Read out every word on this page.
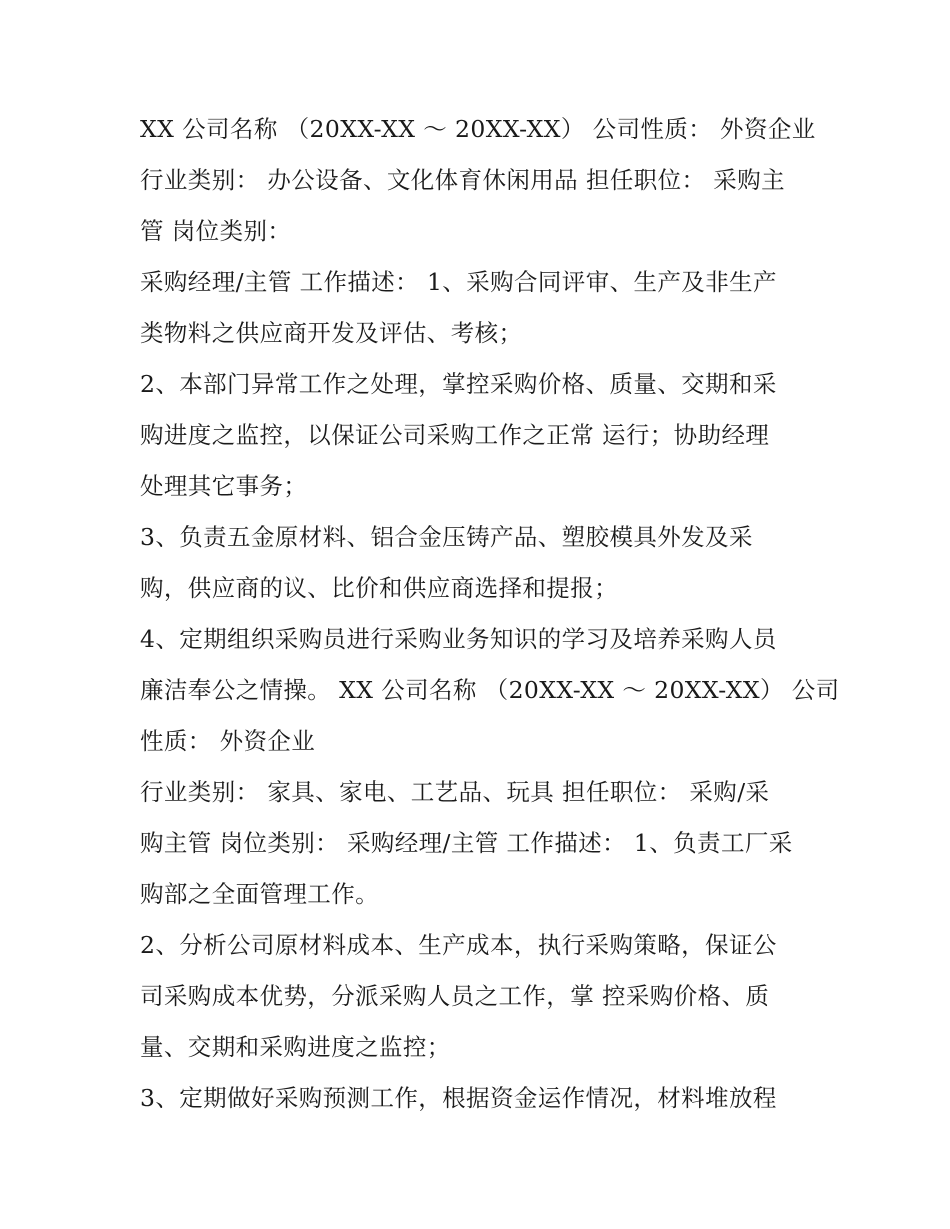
XX 公司名称 （20XX-XX ～ 20XX-XX） 公司性质： 外资企业
行业类别： 办公设备、文化体育休闲用品 担任职位： 采购主
管 岗位类别：
采购经理/主管 工作描述： 1、采购合同评审、生产及非生产
类物料之供应商开发及评估、考核；
2、本部门异常工作之处理，掌控采购价格、质量、交期和采
购进度之监控，以保证公司采购工作之正常 运行；协助经理
处理其它事务；
3、负责五金原材料、铝合金压铸产品、塑胶模具外发及采
购，供应商的议、比价和供应商选择和提报；
4、定期组织采购员进行采购业务知识的学习及培养采购人员
廉洁奉公之情操。 XX 公司名称 （20XX-XX ～ 20XX-XX） 公司
性质： 外资企业
行业类别： 家具、家电、工艺品、玩具 担任职位： 采购/采
购主管 岗位类别： 采购经理/主管 工作描述： 1、负责工厂采
购部之全面管理工作。
2、分析公司原材料成本、生产成本，执行采购策略，保证公
司采购成本优势，分派采购人员之工作，掌 控采购价格、质
量、交期和采购进度之监控；
3、定期做好采购预测工作，根据资金运作情况，材料堆放程
